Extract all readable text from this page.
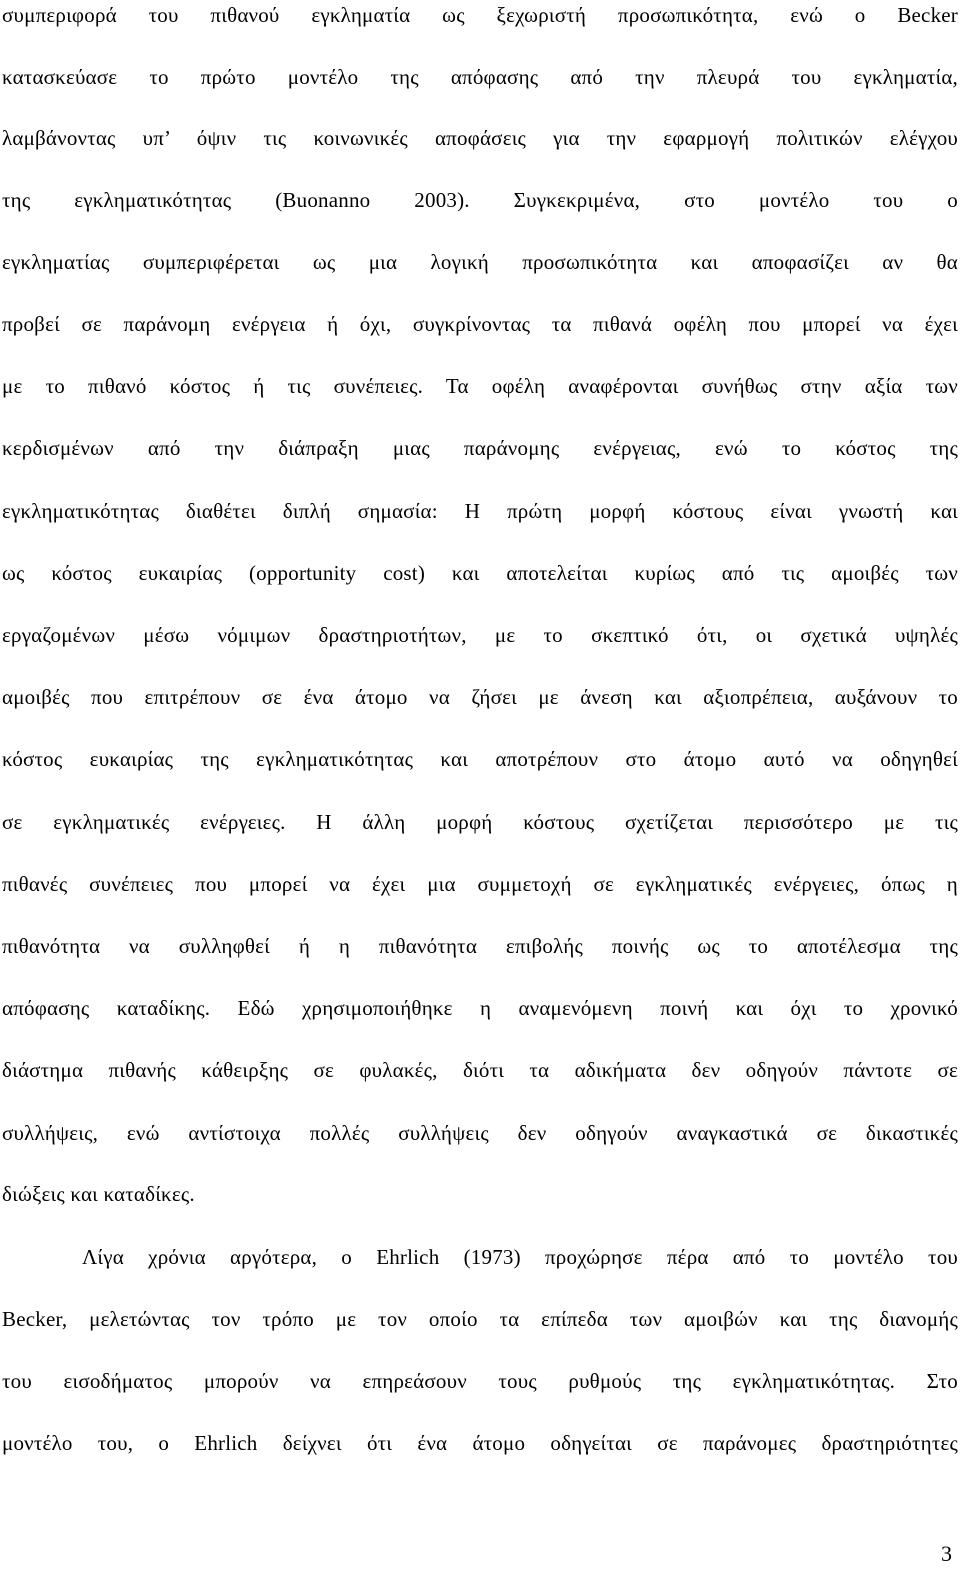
συμπεριφορά του πιθανού εγκληματία ως ξεχωριστή προσωπικότητα, ενώ ο Becker
κατασκεύασε το πρώτο μοντέλο της απόφασης από την πλευρά του εγκληματία,
λαμβάνοντας υπ’ όψιν τις κοινωνικές αποφάσεις για την εφαρμογή πολιτικών ελέγχου
της εγκληματικότητας (Buonanno 2003). Συγκεκριμένα, στο μοντέλο του ο
εγκληματίας συμπεριφέρεται ως μια λογική προσωπικότητα και αποφασίζει αν θα
προβεί σε παράνομη ενέργεια ή όχι, συγκρίνοντας τα πιθανά οφέλη που μπορεί να έχει
με το πιθανό κόστος ή τις συνέπειες. Τα οφέλη αναφέρονται συνήθως στην αξία των
κερδισμένων από την διάπραξη μιας παράνομης ενέργειας, ενώ το κόστος της
εγκληματικότητας διαθέτει διπλή σημασία: Η πρώτη μορφή κόστους είναι γνωστή και
ως κόστος ευκαιρίας (opportunity cost) και αποτελείται κυρίως από τις αμοιβές των
εργαζομένων μέσω νόμιμων δραστηριοτήτων, με το σκεπτικό ότι, οι σχετικά υψηλές
αμοιβές που επιτρέπουν σε ένα άτομο να ζήσει με άνεση και αξιοπρέπεια, αυξάνουν το
κόστος ευκαιρίας της εγκληματικότητας και αποτρέπουν στο άτομο αυτό να οδηγηθεί
σε εγκληματικές ενέργειες. Η άλλη μορφή κόστους σχετίζεται περισσότερο με τις
πιθανές συνέπειες που μπορεί να έχει μια συμμετοχή σε εγκληματικές ενέργειες, όπως η
πιθανότητα να συλληφθεί ή η πιθανότητα επιβολής ποινής ως το αποτέλεσμα της
απόφασης καταδίκης. Εδώ χρησιμοποιήθηκε η αναμενόμενη ποινή και όχι το χρονικό
διάστημα πιθανής κάθειρξης σε φυλακές, διότι τα αδικήματα δεν οδηγούν πάντοτε σε
συλλήψεις, ενώ αντίστοιχα πολλές συλλήψεις δεν οδηγούν αναγκαστικά σε δικαστικές
διώξεις και καταδίκες.
Λίγα χρόνια αργότερα, ο Ehrlich (1973) προχώρησε πέρα από το μοντέλο του
Becker, μελετώντας τον τρόπο με τον οποίο τα επίπεδα των αμοιβών και της διανομής
του εισοδήματος μπορούν να επηρεάσουν τους ρυθμούς της εγκληματικότητας. Στο
μοντέλο του, ο Ehrlich δείχνει ότι ένα άτομο οδηγείται σε παράνομες δραστηριότητες
3
